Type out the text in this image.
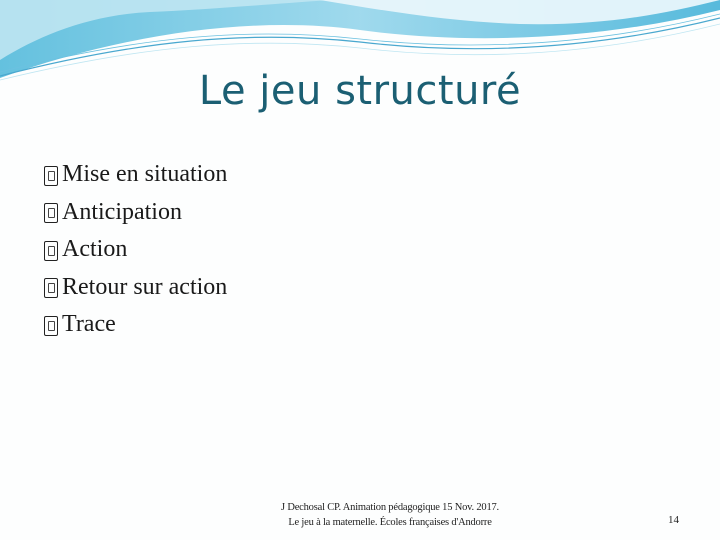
Le jeu structuré
Mise en situation
Anticipation
Action
Retour sur action
Trace
J Dechosal CP. Animation pédagogique 15 Nov. 2017.
Le jeu à la maternelle. Écoles françaises d'Andorre	14
